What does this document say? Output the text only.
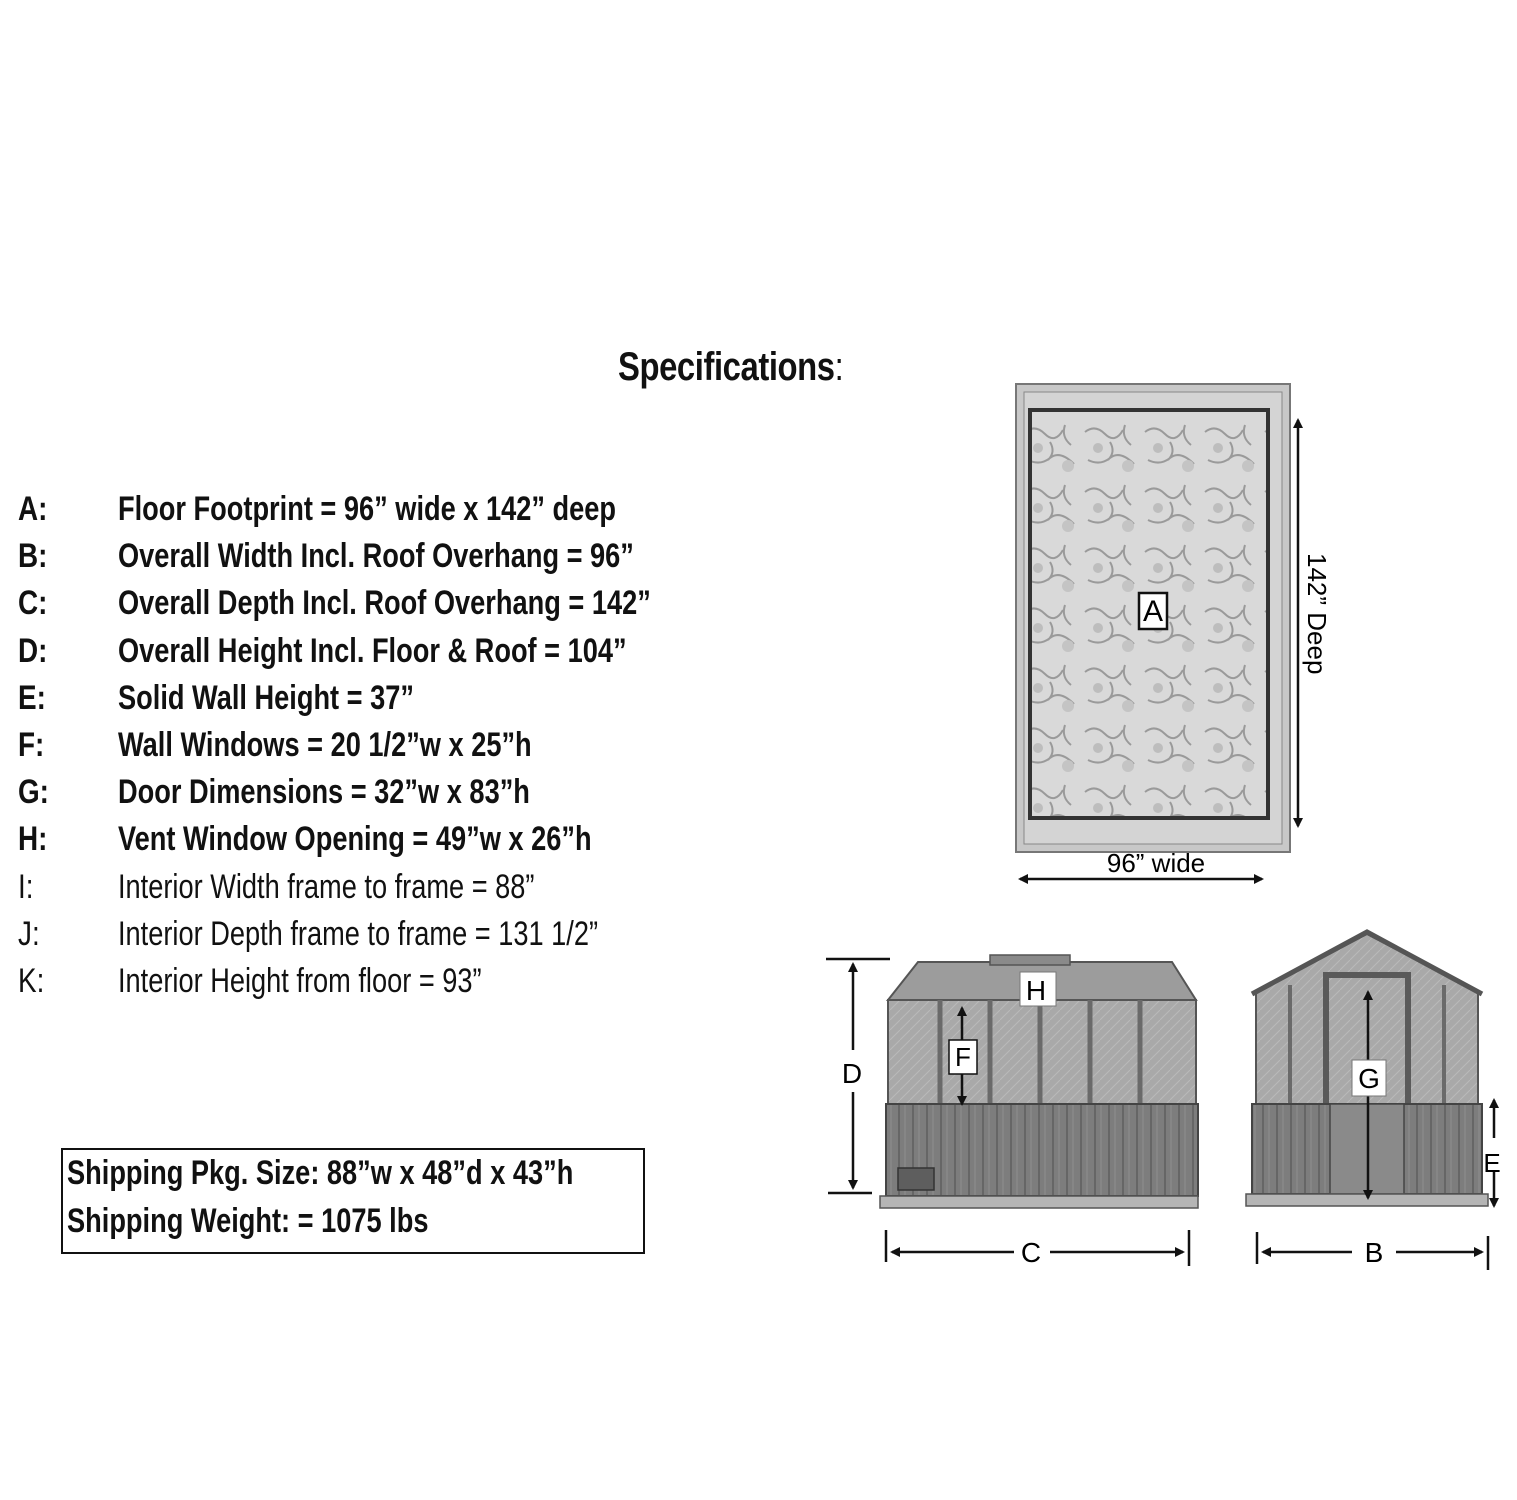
Specifications:
A: Floor Footprint = 96” wide x 142” deep
B: Overall Width Incl. Roof Overhang = 96”
C: Overall Depth Incl. Roof Overhang = 142”
D: Overall Height Incl. Floor & Roof = 104”
E: Solid Wall Height = 37”
F: Wall Windows = 20 1/2”w x 25”h
G: Door Dimensions = 32”w x 83”h
H: Vent Window Opening = 49”w x 26”h
I: Interior Width frame to frame = 88”
J: Interior Depth frame to frame = 131 1/2”
K: Interior Height from floor = 93”
Shipping Pkg. Size: 88”w x 48”d x 43”h
Shipping Weight: = 1075 lbs
A	142” Deep
96” wide
D
F
H
C
G
E
B
